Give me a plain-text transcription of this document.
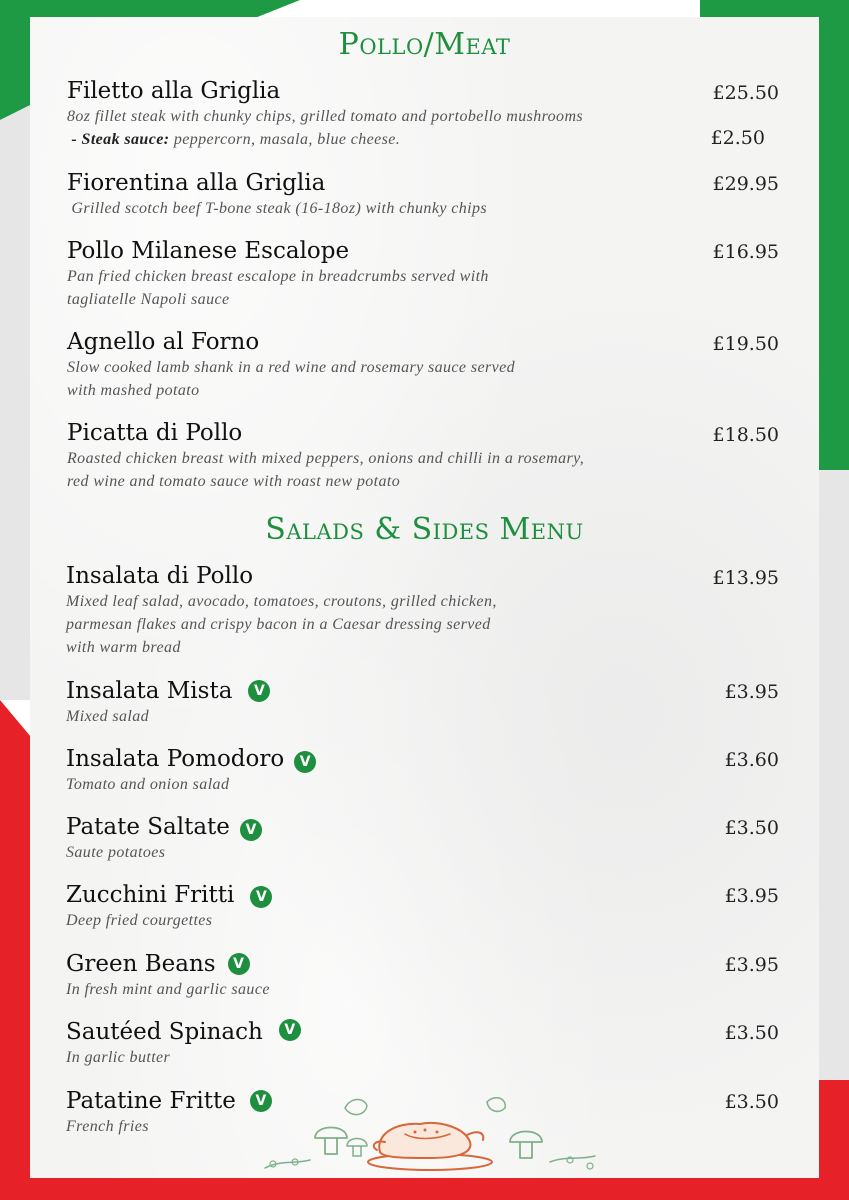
Pollo/Meat
Filetto alla Griglia
8oz fillet steak with chunky chips, grilled tomato and portobello mushrooms
- Steak sauce: peppercorn, masala, blue cheese.
£25.50
£2.50
Fiorentina alla Griglia
Grilled scotch beef T-bone steak (16-18oz) with chunky chips
£29.95
Pollo Milanese Escalope
Pan fried chicken breast escalope in breadcrumbs served with
tagliatelle Napoli sauce
£16.95
Agnello al Forno
Slow cooked lamb shank in a red wine and rosemary sauce served
with mashed potato
£19.50
Picatta di Pollo
Roasted chicken breast with mixed peppers, onions and chilli in a rosemary,
red wine and tomato sauce with roast new potato
£18.50
Salads & Sides Menu
Insalata di Pollo
Mixed leaf salad, avocado, tomatoes, croutons, grilled chicken,
parmesan flakes and crispy bacon in a Caesar dressing served
with warm bread
£13.95
Insalata Mista	V
Mixed salad
£3.95
Insalata Pomodoro	V
Tomato and onion salad
£3.60
Patate Saltate	V
Saute potatoes
£3.50
Zucchini Fritti	V
Deep fried courgettes
£3.95
Green Beans	V
In fresh mint and garlic sauce
£3.95
Sautéed Spinach	V
In garlic butter
£3.50
Patatine Fritte	V
French fries
£3.50
